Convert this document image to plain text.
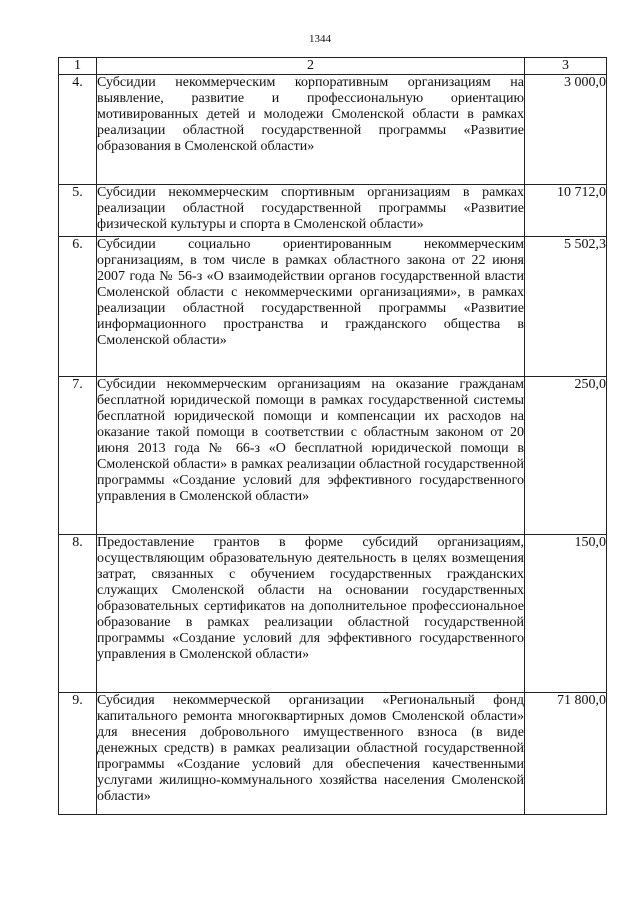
1344
1	2	3
4.	Субсидии некоммерческим корпоративным организациям на выявление, развитие и профессиональную ориентацию мотивированных детей и молодежи Смоленской области в рамках реализации областной государственной программы «Развитие образования в Смоленской области»	3 000,0
5.	Субсидии некоммерческим спортивным организациям в рамках реализации областной государственной программы «Развитие физической культуры и спорта в Смоленской области»	10 712,0
6.	Субсидии социально ориентированным некоммерческим организациям, в том числе в рамках областного закона от 22 июня 2007 года № 56-з «О взаимодействии органов государственной власти Смоленской области с некоммерческими организациями», в рамках реализации областной государственной программы «Развитие информационного пространства и гражданского общества в Смоленской области»	5 502,3
7.	Субсидии некоммерческим организациям на оказание гражданам бесплатной юридической помощи в рамках государственной системы бесплатной юридической помощи и компенсации их расходов на оказание такой помощи в соответствии с областным законом от 20 июня 2013 года № 66-з «О бесплатной юридической помощи в Смоленской области» в рамках реализации областной государственной программы «Создание условий для эффективного государственного управления в Смоленской области»	250,0
8.	Предоставление грантов в форме субсидий организациям, осуществляющим образовательную деятельность в целях возмещения затрат, связанных с обучением государственных гражданских служащих Смоленской области на основании государственных образовательных сертификатов на дополнительное профессиональное образование в рамках реализации областной государственной программы «Создание условий для эффективного государственного управления в Смоленской области»	150,0
9.	Субсидия некоммерческой организации «Региональный фонд капитального ремонта многоквартирных домов Смоленской области» для внесения добровольного имущественного взноса (в виде денежных средств) в рамках реализации областной государственной программы «Создание условий для обеспечения качественными услугами жилищно-коммунального хозяйства населения Смоленской области»	71 800,0
